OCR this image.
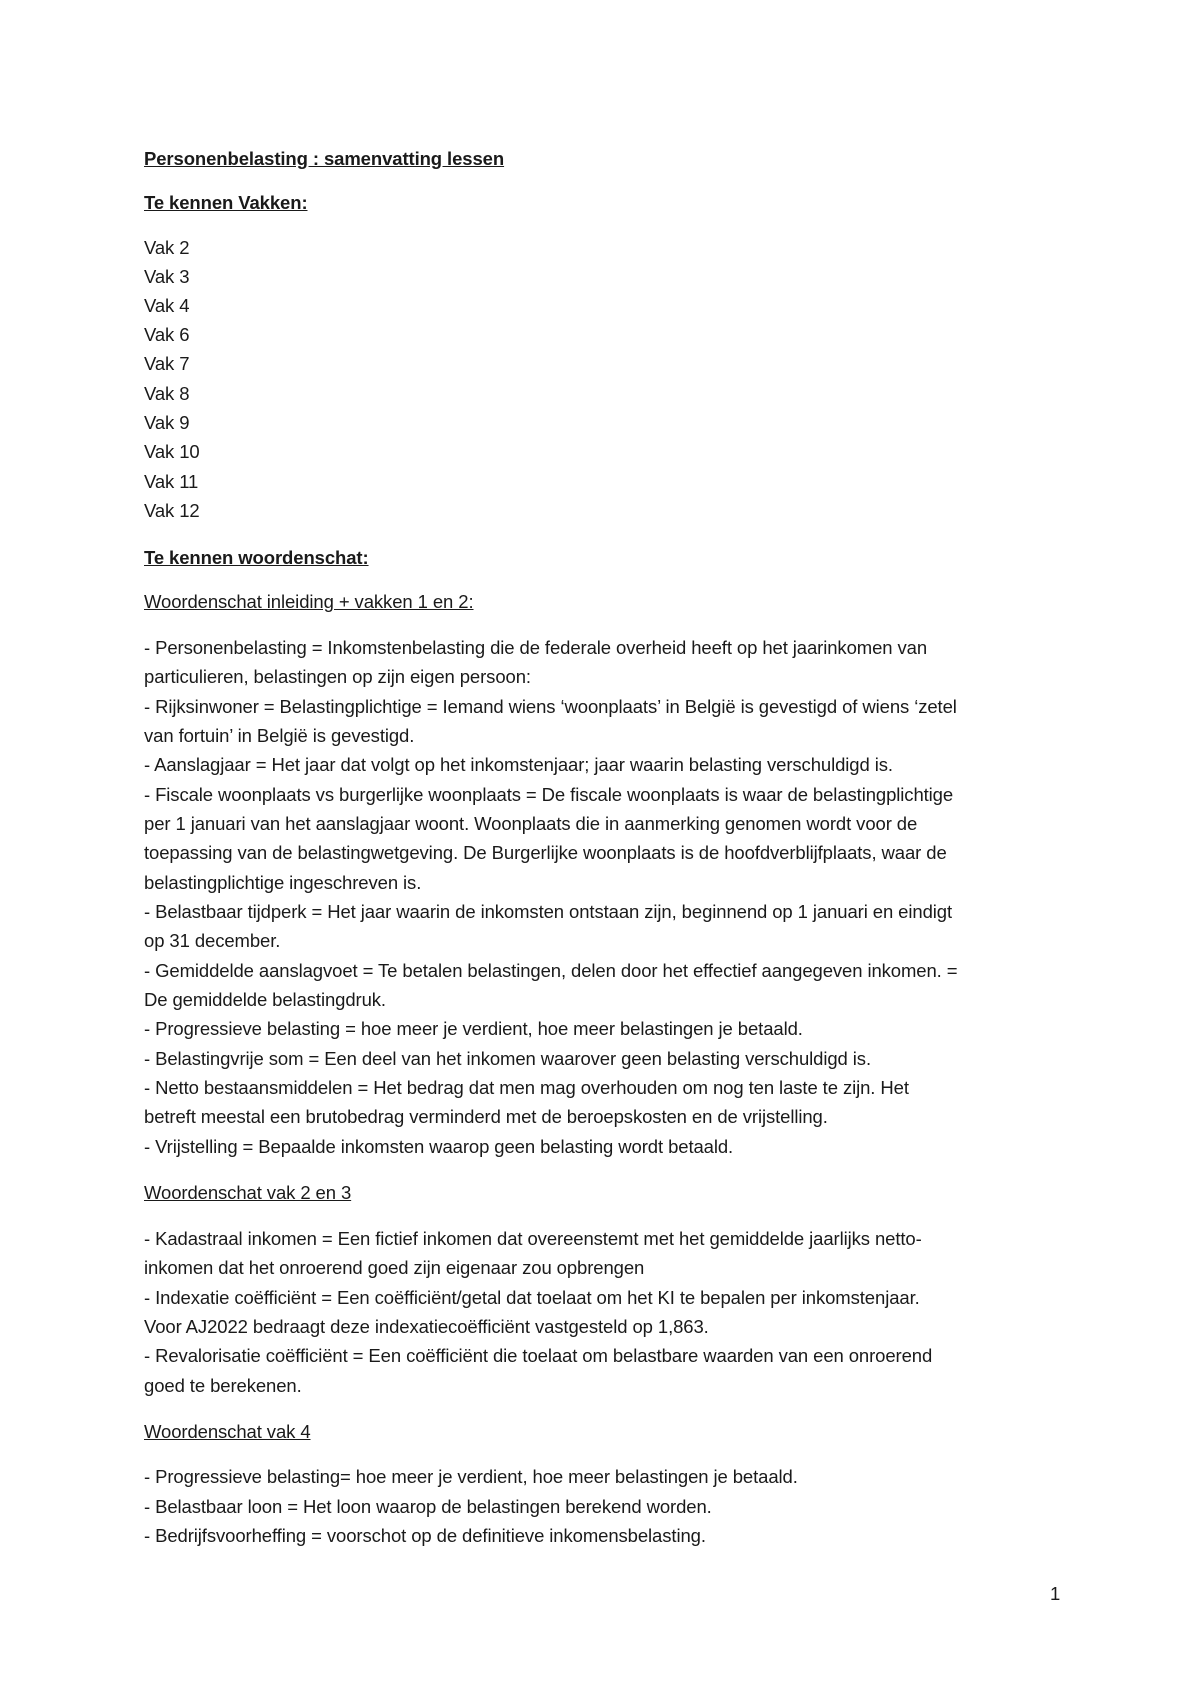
Personenbelasting : samenvatting lessen
Te kennen Vakken:
Vak 2
Vak 3
Vak 4
Vak 6
Vak 7
Vak 8
Vak 9
Vak 10
Vak 11
Vak 12
Te kennen woordenschat:
Woordenschat inleiding + vakken 1 en 2:
- Personenbelasting = Inkomstenbelasting die de federale overheid heeft op het jaarinkomen van
particulieren, belastingen op zijn eigen persoon:
- Rijksinwoner = Belastingplichtige = Iemand wiens ‘woonplaats’ in België is gevestigd of wiens ‘zetel
van fortuin’ in België is gevestigd.
- Aanslagjaar = Het jaar dat volgt op het inkomstenjaar; jaar waarin belasting verschuldigd is.
- Fiscale woonplaats vs burgerlijke woonplaats = De fiscale woonplaats is waar de belastingplichtige
per 1 januari van het aanslagjaar woont. Woonplaats die in aanmerking genomen wordt voor de
toepassing van de belastingwetgeving. De Burgerlijke woonplaats is de hoofdverblijfplaats, waar de
belastingplichtige ingeschreven is.
- Belastbaar tijdperk = Het jaar waarin de inkomsten ontstaan zijn, beginnend op 1 januari en eindigt
op 31 december.
- Gemiddelde aanslagvoet = Te betalen belastingen, delen door het effectief aangegeven inkomen. =
De gemiddelde belastingdruk.
- Progressieve belasting = hoe meer je verdient, hoe meer belastingen je betaald.
- Belastingvrije som = Een deel van het inkomen waarover geen belasting verschuldigd is.
- Netto bestaansmiddelen = Het bedrag dat men mag overhouden om nog ten laste te zijn. Het
betreft meestal een brutobedrag verminderd met de beroepskosten en de vrijstelling.
- Vrijstelling = Bepaalde inkomsten waarop geen belasting wordt betaald.
Woordenschat vak 2 en 3
- Kadastraal inkomen = Een fictief inkomen dat overeenstemt met het gemiddelde jaarlijks netto-
inkomen dat het onroerend goed zijn eigenaar zou opbrengen
- Indexatie coëfficiënt = Een coëfficiënt/getal dat toelaat om het KI te bepalen per inkomstenjaar.
Voor AJ2022 bedraagt deze indexatiecoëfficiënt vastgesteld op 1,863.
- Revalorisatie coëfficiënt = Een coëfficiënt die toelaat om belastbare waarden van een onroerend
goed te berekenen.
Woordenschat vak 4
- Progressieve belasting= hoe meer je verdient, hoe meer belastingen je betaald.
- Belastbaar loon = Het loon waarop de belastingen berekend worden.
- Bedrijfsvoorheffing = voorschot op de definitieve inkomensbelasting.
1
